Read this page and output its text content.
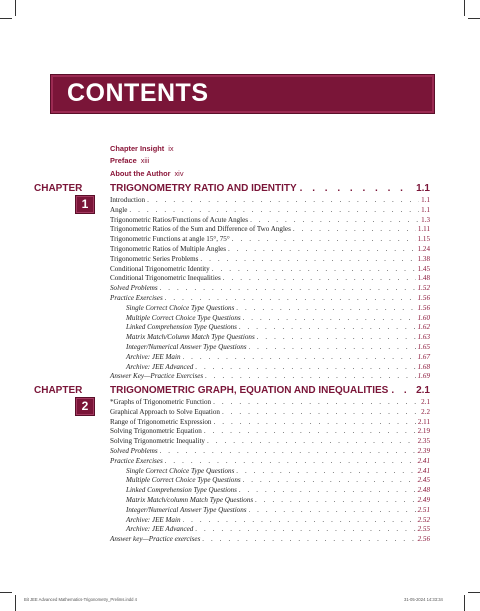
CONTENTS
Chapter Insight ix
Preface xiii
About the Author xiv
CHAPTER
1
TRIGONOMETRY RATIO AND IDENTITY . . .	1.1
Introduction . . .	1.1
Angle . . .	1.1
Trigonometric Ratios/Functions of Acute Angles . . .	1.3
Trigonometric Ratios of the Sum and Difference of Two Angles . . .	1.11
Trigonometric Functions at angle 15°, 75° . . .	1.15
Trigonometric Ratios of Multiple Angles . . .	1.24
Trigonometric Series Problems . . .	1.38
Conditional Trigonometric Identity . . .	1.45
Conditional Trigonometric Inequalities . . .	1.48
Solved Problems . . .	1.52
Practice Exercises . . .	1.56
Single Correct Choice Type Questions . . .	1.56
Multiple Correct Choice Type Questions . . .	1.60
Linked Comprehension Type Questions . . .	1.62
Matrix Match/Column Match Type Questions . . .	1.63
Integer/Numerical Answer Type Questions . . .	1.65
Archive: JEE Main . . .	1.67
Archive: JEE Advanced . . .	1.68
Answer Key—Practice Exercises . . .	1.69
CHAPTER
2
TRIGONOMETRIC GRAPH, EQUATION AND INEQUALITIES . . .	2.1
*Graphs of Trigonometric Function . . .	2.1
Graphical Approach to Solve Equation . . .	2.2
Range of Trigonometric Expression . . .	2.11
Solving Trigonometric Equation . . .	2.19
Solving Trigonometric Inequality . . .	2.35
Solved Problems . . .	2.39
Practice Exercises . . .	2.41
Single Correct Choice Type Questions . . .	2.41
Multiple Correct Choice Type Questions . . .	2.45
Linked Comprehension Type Questions . . .	2.48
Matrix Match/column Match Type Questions . . .	2.49
Integer/Numerical Answer Type Questions . . .	2.51
Archive: JEE Main . . .	2.52
Archive: JEE Advanced . . .	2.55
Answer key—Practice exercises . . .	2.56
Bit JEE Advanced Mathematics-Trigonometry_Prelims.indd 4	31-05-2024 14:33:34
